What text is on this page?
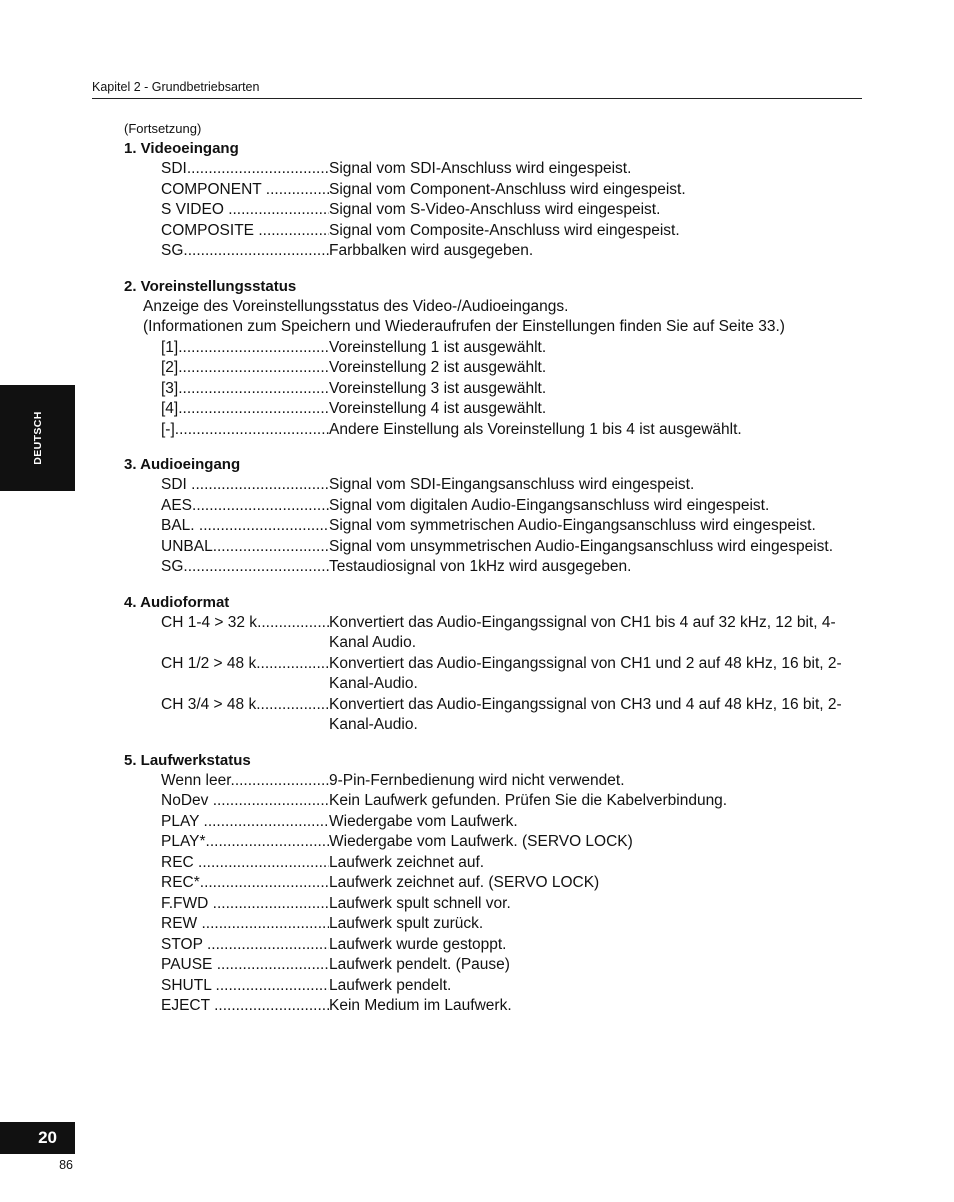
Kapitel 2 - Grundbetriebsarten
DEUTSCH
(Fortsetzung)
1. Videoeingang
SDI .....	Signal vom SDI-Anschluss wird eingespeist.
COMPONENT .....	Signal vom Component-Anschluss wird eingespeist.
S VIDEO .....	Signal vom S-Video-Anschluss wird eingespeist.
COMPOSITE .....	Signal vom Composite-Anschluss wird eingespeist.
SG .....	Farbbalken wird ausgegeben.
2. Voreinstellungsstatus
Anzeige des Voreinstellungsstatus des Video-/Audioeingangs.
(Informationen zum Speichern und Wiederaufrufen der Einstellungen finden Sie auf Seite 33.)
[1] .....	Voreinstellung 1 ist ausgewählt.
[2] .....	Voreinstellung 2 ist ausgewählt.
[3] .....	Voreinstellung 3 ist ausgewählt.
[4] .....	Voreinstellung 4 ist ausgewählt.
[-] .....	Andere Einstellung als Voreinstellung 1 bis 4 ist ausgewählt.
3. Audioeingang
SDI .....	Signal vom SDI-Eingangsanschluss wird eingespeist.
AES .....	Signal vom digitalen Audio-Eingangsanschluss wird eingespeist.
BAL. .....	Signal vom symmetrischen Audio-Eingangsanschluss wird eingespeist.
UNBAL .....	Signal vom unsymmetrischen Audio-Eingangsanschluss wird eingespeist.
SG .....	Testaudiosignal von 1kHz wird ausgegeben.
4. Audioformat
CH 1-4 > 32 k .....	Konvertiert das Audio-Eingangssignal von CH1 bis 4 auf 32 kHz, 12 bit, 4-Kanal Audio.
CH 1/2 > 48 k .....	Konvertiert das Audio-Eingangssignal von CH1 und 2 auf 48 kHz, 16 bit, 2-Kanal-Audio.
CH 3/4 > 48 k .....	Konvertiert das Audio-Eingangssignal von CH3 und 4 auf 48 kHz, 16 bit, 2-Kanal-Audio.
5. Laufwerkstatus
Wenn leer .....	9-Pin-Fernbedienung wird nicht verwendet.
NoDev .....	Kein Laufwerk gefunden. Prüfen Sie die Kabelverbindung.
PLAY .....	Wiedergabe vom Laufwerk.
PLAY* .....	Wiedergabe vom Laufwerk. (SERVO LOCK)
REC .....	Laufwerk zeichnet auf.
REC* .....	Laufwerk zeichnet auf. (SERVO LOCK)
F.FWD .....	Laufwerk spult schnell vor.
REW .....	Laufwerk spult zurück.
STOP .....	Laufwerk wurde gestoppt.
PAUSE .....	Laufwerk pendelt. (Pause)
SHUTL .....	Laufwerk pendelt.
EJECT .....	Kein Medium im Laufwerk.
20
86
